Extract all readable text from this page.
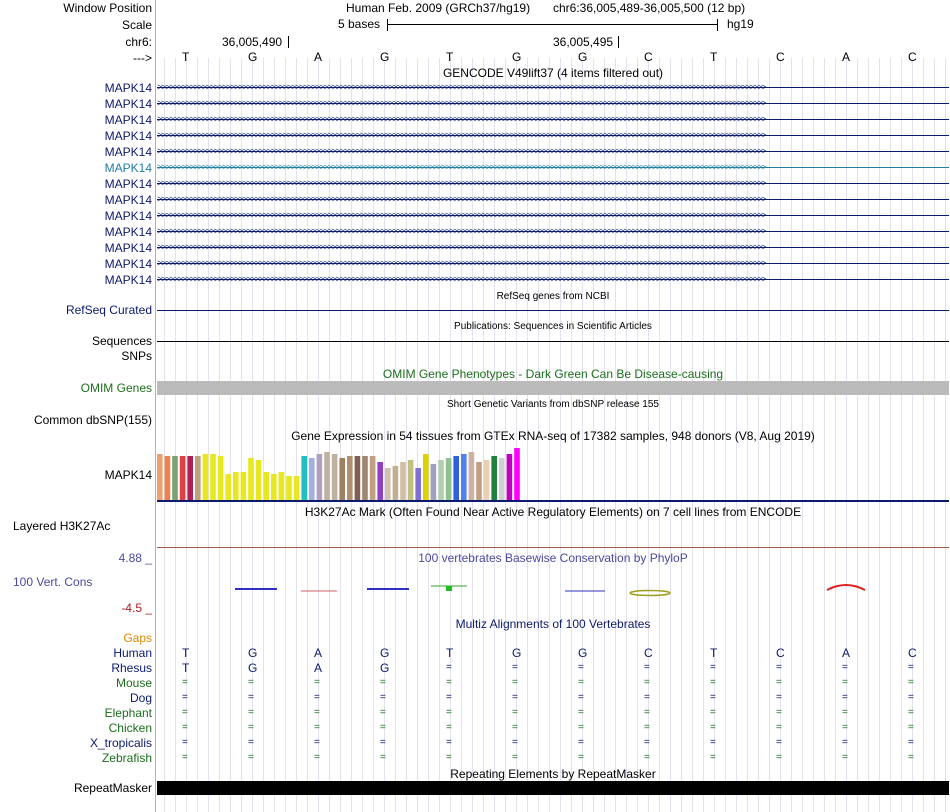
Window Position	Human Feb. 2009 (GRCh37/hg19) chr6:36,005,489-36,005,500 (12 bp)
Scale	5 bases	hg19
chr6:	36,005,490	36,005,495
--->	T	G	A	G	T	G	G	C	T	C	A	C
GENCODE V49lift37 (4 items filtered out)
MAPK14 >>>>>>>>>>>>>>>>>>>>>>>>>>>>>>>>>>>>>>>>>>>>>>>>>>>>>>>>>>>>>>>>>>>>>>>>>>>>>>>>>>>>>>>>>>>>>>>>>>>>>>>>>>>>>>>>>>>>>>>>>>>>>>>>>>>>>>>>>>>>>>>>>>>>>>
MAPK14 >>>>>>>>>>>>>>>>>>>>>>>>>>>>>>>>>>>>>>>>>>>>>>>>>>>>>>>>>>>>>>>>>>>>>>>>>>>>>>>>>>>>>>>>>>>>>>>>>>>>>>>>>>>>>>>>>>>>>>>>>>>>>>>>>>>>>>>>>>>>>>>>>>>>>>
MAPK14 >>>>>>>>>>>>>>>>>>>>>>>>>>>>>>>>>>>>>>>>>>>>>>>>>>>>>>>>>>>>>>>>>>>>>>>>>>>>>>>>>>>>>>>>>>>>>>>>>>>>>>>>>>>>>>>>>>>>>>>>>>>>>>>>>>>>>>>>>>>>>>>>>>>>>>
MAPK14 >>>>>>>>>>>>>>>>>>>>>>>>>>>>>>>>>>>>>>>>>>>>>>>>>>>>>>>>>>>>>>>>>>>>>>>>>>>>>>>>>>>>>>>>>>>>>>>>>>>>>>>>>>>>>>>>>>>>>>>>>>>>>>>>>>>>>>>>>>>>>>>>>>>>>>
MAPK14 >>>>>>>>>>>>>>>>>>>>>>>>>>>>>>>>>>>>>>>>>>>>>>>>>>>>>>>>>>>>>>>>>>>>>>>>>>>>>>>>>>>>>>>>>>>>>>>>>>>>>>>>>>>>>>>>>>>>>>>>>>>>>>>>>>>>>>>>>>>>>>>>>>>>>>
MAPK14 >>>>>>>>>>>>>>>>>>>>>>>>>>>>>>>>>>>>>>>>>>>>>>>>>>>>>>>>>>>>>>>>>>>>>>>>>>>>>>>>>>>>>>>>>>>>>>>>>>>>>>>>>>>>>>>>>>>>>>>>>>>>>>>>>>>>>>>>>>>>>>>>>>>>>>
MAPK14 >>>>>>>>>>>>>>>>>>>>>>>>>>>>>>>>>>>>>>>>>>>>>>>>>>>>>>>>>>>>>>>>>>>>>>>>>>>>>>>>>>>>>>>>>>>>>>>>>>>>>>>>>>>>>>>>>>>>>>>>>>>>>>>>>>>>>>>>>>>>>>>>>>>>>>
MAPK14 >>>>>>>>>>>>>>>>>>>>>>>>>>>>>>>>>>>>>>>>>>>>>>>>>>>>>>>>>>>>>>>>>>>>>>>>>>>>>>>>>>>>>>>>>>>>>>>>>>>>>>>>>>>>>>>>>>>>>>>>>>>>>>>>>>>>>>>>>>>>>>>>>>>>>>
MAPK14 >>>>>>>>>>>>>>>>>>>>>>>>>>>>>>>>>>>>>>>>>>>>>>>>>>>>>>>>>>>>>>>>>>>>>>>>>>>>>>>>>>>>>>>>>>>>>>>>>>>>>>>>>>>>>>>>>>>>>>>>>>>>>>>>>>>>>>>>>>>>>>>>>>>>>>
MAPK14 >>>>>>>>>>>>>>>>>>>>>>>>>>>>>>>>>>>>>>>>>>>>>>>>>>>>>>>>>>>>>>>>>>>>>>>>>>>>>>>>>>>>>>>>>>>>>>>>>>>>>>>>>>>>>>>>>>>>>>>>>>>>>>>>>>>>>>>>>>>>>>>>>>>>>>
MAPK14 >>>>>>>>>>>>>>>>>>>>>>>>>>>>>>>>>>>>>>>>>>>>>>>>>>>>>>>>>>>>>>>>>>>>>>>>>>>>>>>>>>>>>>>>>>>>>>>>>>>>>>>>>>>>>>>>>>>>>>>>>>>>>>>>>>>>>>>>>>>>>>>>>>>>>>
MAPK14 >>>>>>>>>>>>>>>>>>>>>>>>>>>>>>>>>>>>>>>>>>>>>>>>>>>>>>>>>>>>>>>>>>>>>>>>>>>>>>>>>>>>>>>>>>>>>>>>>>>>>>>>>>>>>>>>>>>>>>>>>>>>>>>>>>>>>>>>>>>>>>>>>>>>>>
MAPK14 >>>>>>>>>>>>>>>>>>>>>>>>>>>>>>>>>>>>>>>>>>>>>>>>>>>>>>>>>>>>>>>>>>>>>>>>>>>>>>>>>>>>>>>>>>>>>>>>>>>>>>>>>>>>>>>>>>>>>>>>>>>>>>>>>>>>>>>>>>>>>>>>>>>>>>
RefSeq genes from NCBI
RefSeq Curated
Publications: Sequences in Scientific Articles
Sequences
SNPs
OMIM Gene Phenotypes - Dark Green Can Be Disease-causing
OMIM Genes
Short Genetic Variants from dbSNP release 155
Common dbSNP(155)
Gene Expression in 54 tissues from GTEx RNA-seq of 17382 samples, 948 donors (V8, Aug 2019)
MAPK14
H3K27Ac Mark (Often Found Near Active Regulatory Elements) on 7 cell lines from ENCODE
Layered H3K27Ac
100 vertebrates Basewise Conservation by PhyloP
4.88 _
100 Vert. Cons
-4.5 _
Multiz Alignments of 100 Vertebrates
Gaps
Human	T	G	A	G	T	G	G	C	T	C	A	C
Rhesus	T	G	A	G	=	=	=	=	=	=	=	=
Mouse	=	=	=	=	=	=	=	=	=	=	=	=
Dog	=	=	=	=	=	=	=	=	=	=	=	=
Elephant	=	=	=	=	=	=	=	=	=	=	=	=
Chicken	=	=	=	=	=	=	=	=	=	=	=	=
X_tropicalis	=	=	=	=	=	=	=	=	=	=	=	=
Zebrafish	=	=	=	=	=	=	=	=	=	=	=	=
Repeating Elements by RepeatMasker
RepeatMasker
